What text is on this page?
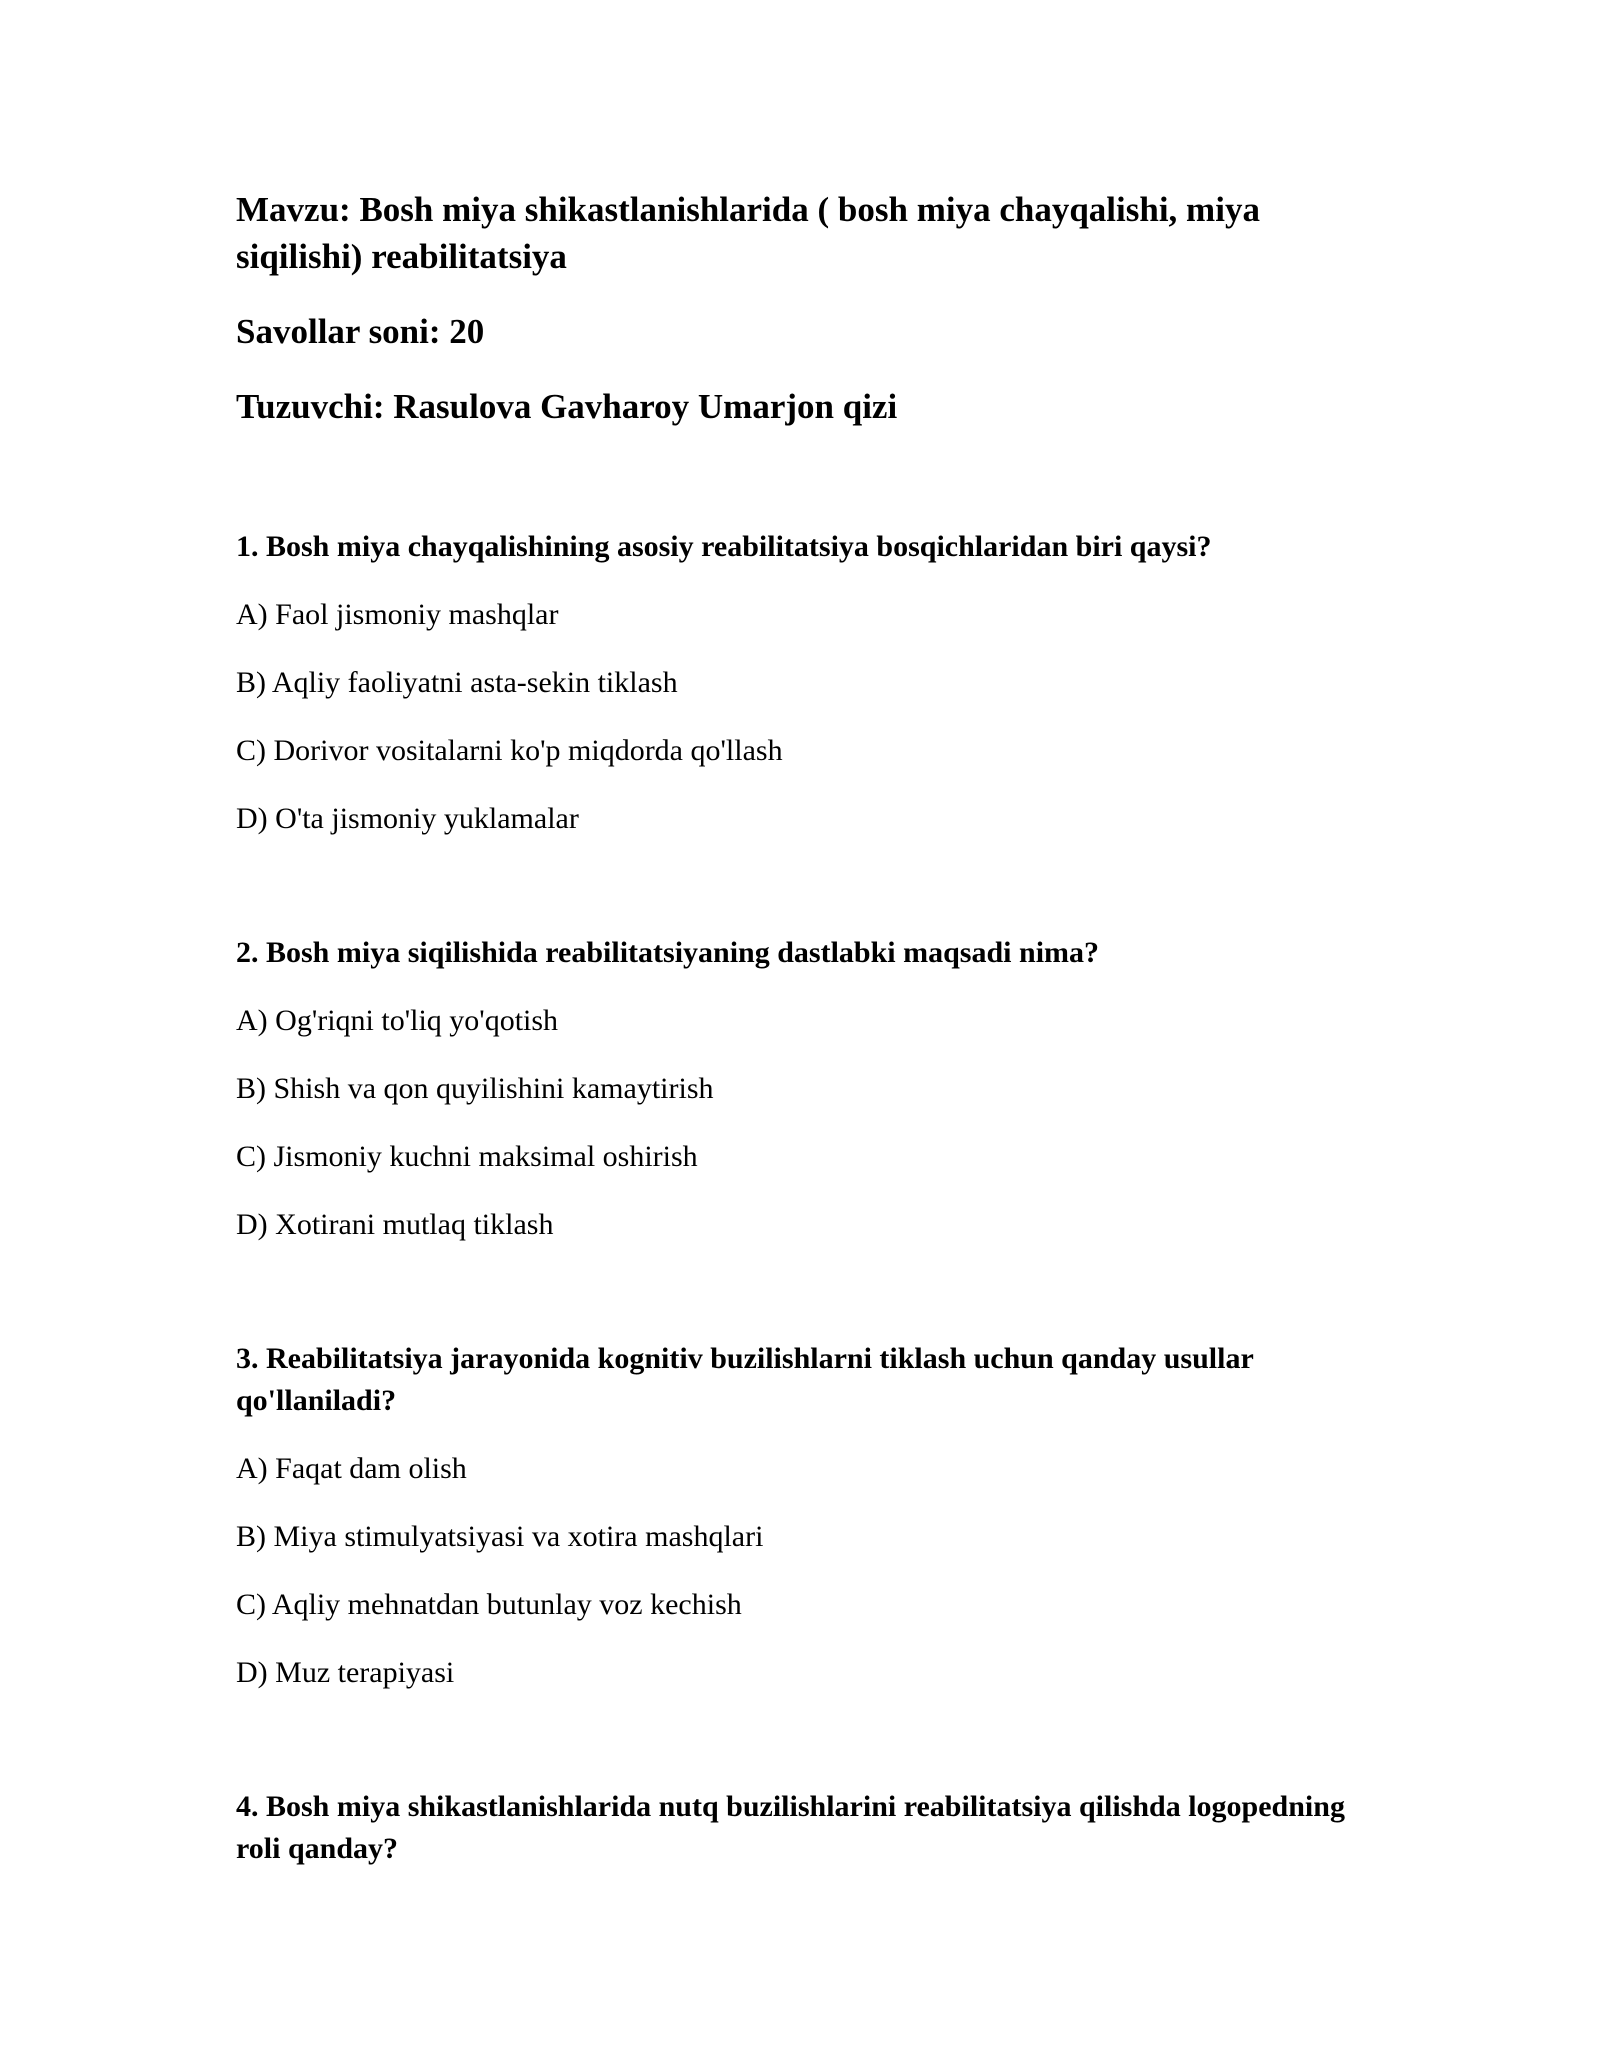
Mavzu: Bosh miya shikastlanishlarida ( bosh miya chayqalishi, miya siqilishi) reabilitatsiya

Savollar soni: 20

Tuzuvchi: Rasulova Gavharoy Umarjon qizi

1. Bosh miya chayqalishining asosiy reabilitatsiya bosqichlaridan biri qaysi?

A) Faol jismoniy mashqlar

B) Aqliy faoliyatni asta-sekin tiklash

C) Dorivor vositalarni ko'p miqdorda qo'llash

D) O'ta jismoniy yuklamalar

2. Bosh miya siqilishida reabilitatsiyaning dastlabki maqsadi nima?

A) Og'riqni to'liq yo'qotish

B) Shish va qon quyilishini kamaytirish

C) Jismoniy kuchni maksimal oshirish

D) Xotirani mutlaq tiklash

3. Reabilitatsiya jarayonida kognitiv buzilishlarni tiklash uchun qanday usullar qo'llaniladi?

A) Faqat dam olish

B) Miya stimulyatsiyasi va xotira mashqlari

C) Aqliy mehnatdan butunlay voz kechish

D) Muz terapiyasi

4. Bosh miya shikastlanishlarida nutq buzilishlarini reabilitatsiya qilishda logopedning roli qanday?
